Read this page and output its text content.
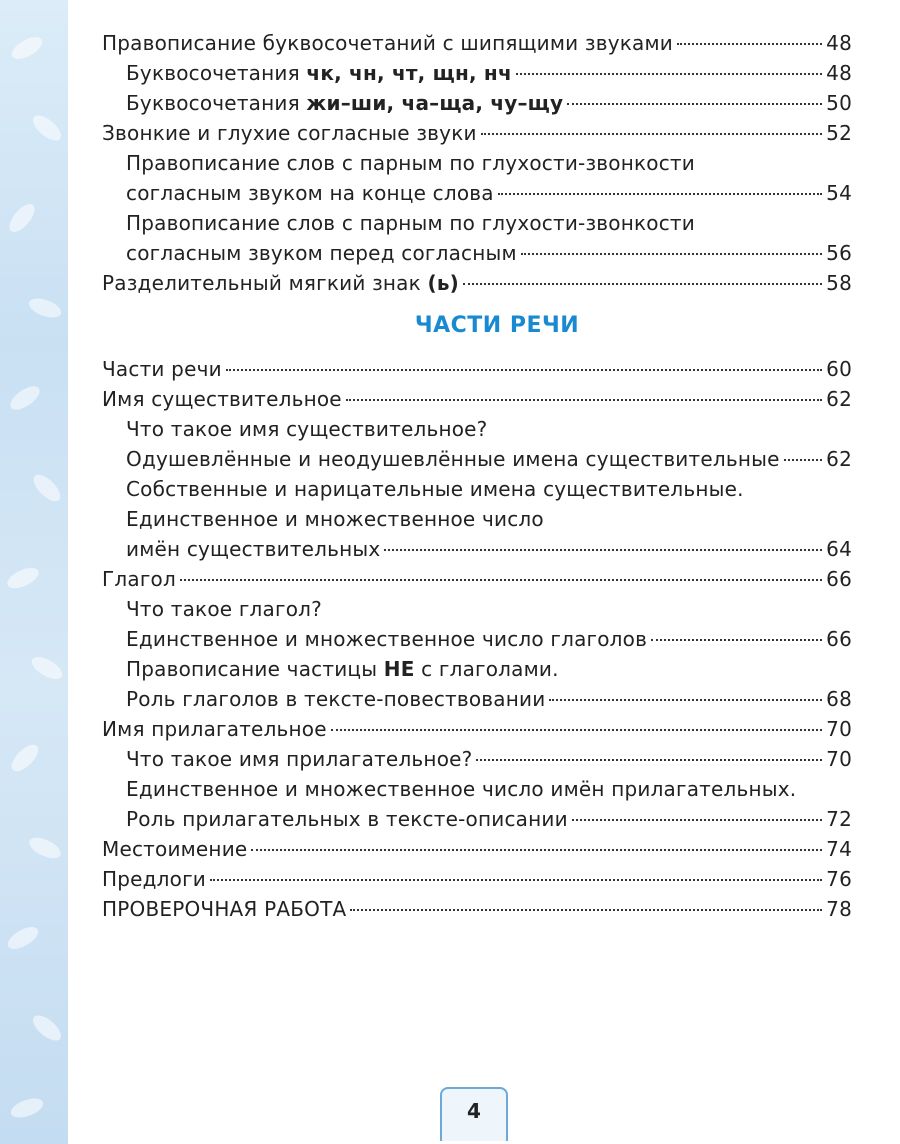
Правописание буквосочетаний с шипящими звуками	48
Буквосочетания чк, чн, чт, щн, нч	48
Буквосочетания жи–ши, ча–ща, чу–щу	50
Звонкие и глухие согласные звуки	52
Правописание слов с парным по глухости-звонкости
согласным звуком на конце слова	54
Правописание слов с парным по глухости-звонкости
согласным звуком перед согласным	56
Разделительный мягкий знак (ь)	58
ЧАСТИ РЕЧИ
Части речи	60
Имя существительное	62
Что такое имя существительное?
Одушевлённые и неодушевлённые имена существительные 62
Собственные и нарицательные имена существительные.
Единственное и множественное число
имён существительных	64
Глагол	66
Что такое глагол?
Единственное и множественное число глаголов	66
Правописание частицы НЕ с глаголами.
Роль глаголов в тексте-повествовании	68
Имя прилагательное	70
Что такое имя прилагательное?	70
Единственное и множественное число имён прилагательных.
Роль прилагательных в тексте-описании	72
Местоимение	74
Предлоги	76
ПРОВЕРОЧНАЯ РАБОТА	78
4
